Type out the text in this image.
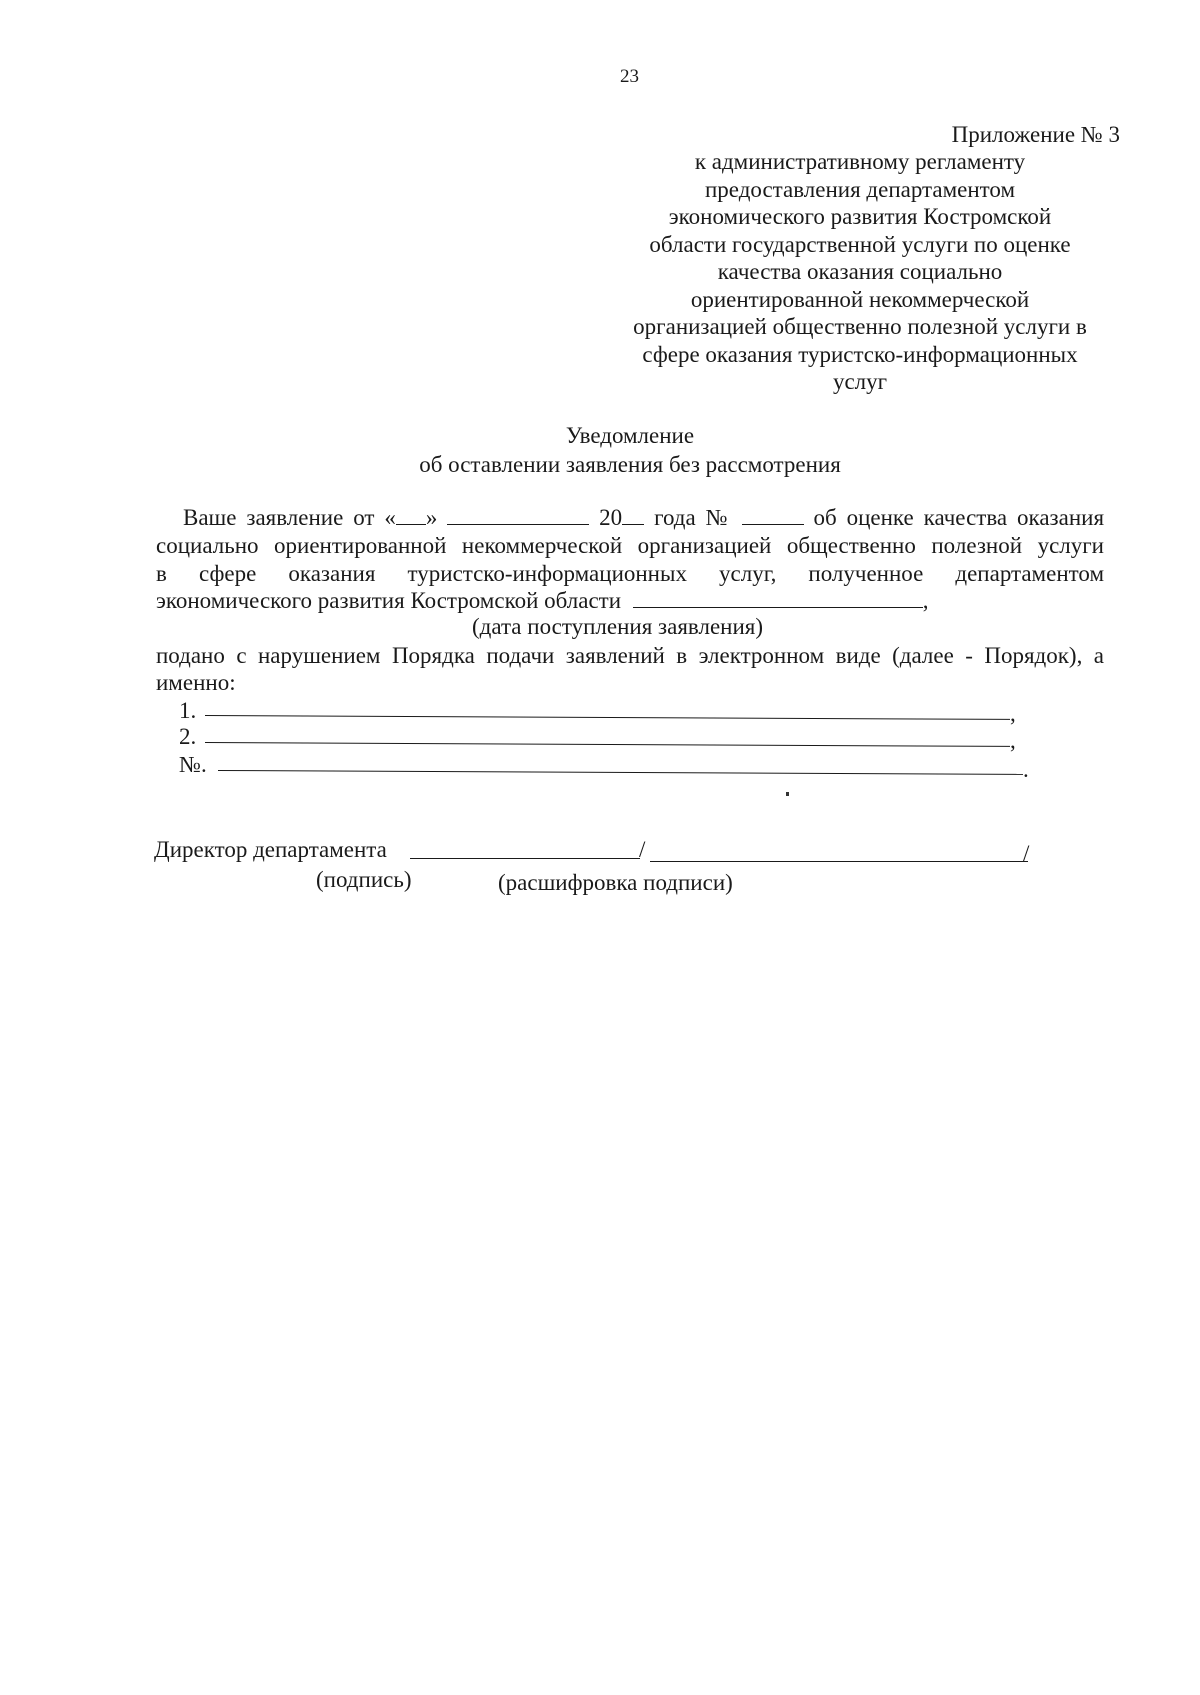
23
Приложение № 3
к административному регламенту
предоставления департаментом
экономического развития Костромской
области государственной услуги по оценке
качества оказания социально
ориентированной некоммерческой
организацией общественно полезной услуги в
сфере оказания туристско-информационных
услуг
Уведомление
об оставлении заявления без рассмотрения
Ваше заявление от « »	20 года №	об оценке качества оказания
социально ориентированной некоммерческой организацией общественно полезной услуги
в сфере оказания туристско-информационных услуг, полученное департаментом
экономического развития Костромской области	,
(дата поступления заявления)
подано с нарушением Порядка подачи заявлений в электронном виде (далее - Порядок), а
именно:
1.	,
2.	,
№.	.
Директор департамента	/	/
(подпись)	(расшифровка подписи)
